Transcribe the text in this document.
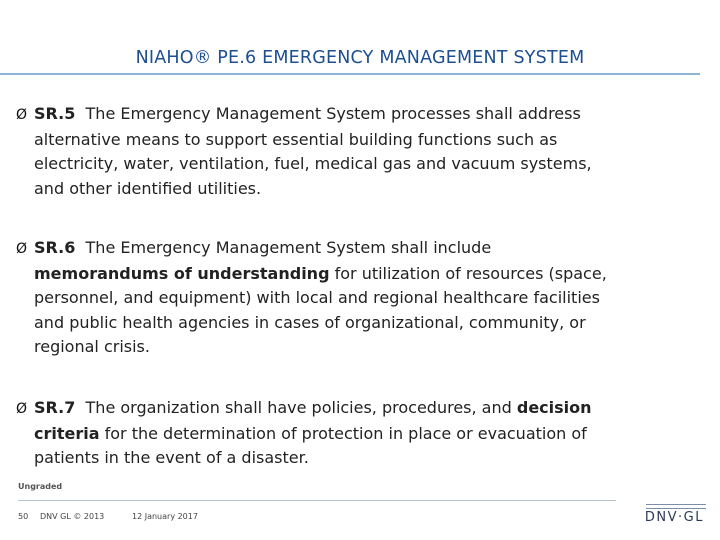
NIAHO® PE.6 EMERGENCY MANAGEMENT SYSTEM
Ø SR.5 The Emergency Management System processes shall address
alternative means to support essential building functions such as
electricity, water, ventilation, fuel, medical gas and vacuum systems,
and other identified utilities.
Ø SR.6 The Emergency Management System shall include
memorandums of understanding for utilization of resources (space,
personnel, and equipment) with local and regional healthcare facilities
and public health agencies in cases of organizational, community, or
regional crisis.
Ø SR.7 The organization shall have policies, procedures, and decision
criteria for the determination of protection in place or evacuation of
patients in the event of a disaster.
Ungraded
50 DNV GL © 2013	12 January 2017	DNV·GL
